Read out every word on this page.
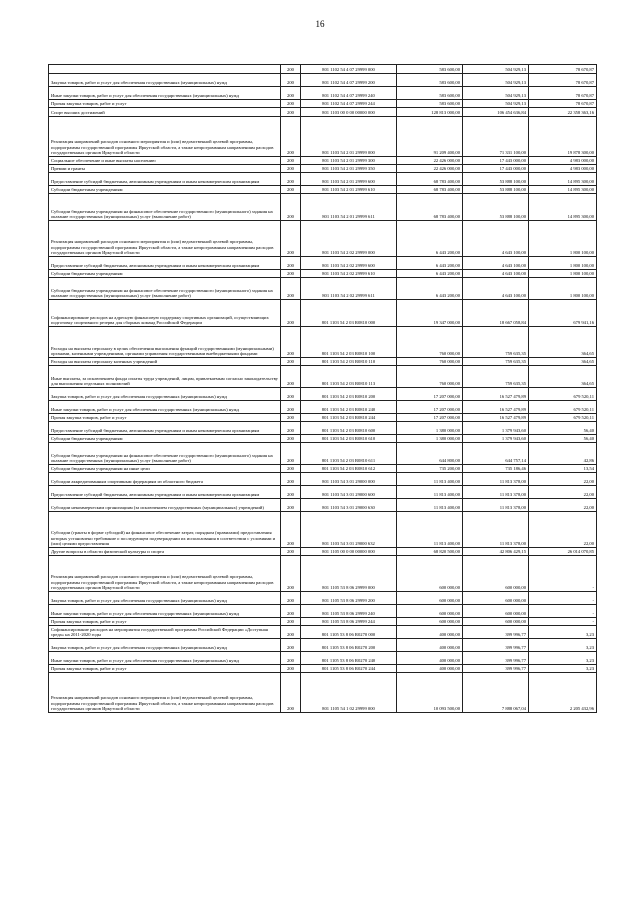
16
	200	801 1102 54 4 07 29999 000	583 600,00	504 929,13	78 670,87
Закупка товаров, работ и услуг для обеспечения государственных (муниципальных) нужд	200	801 1102 54 4 07 29999 200	583 600,00	504 929,13	78 670,87
Иные закупки товаров, работ и услуг для обеспечения государственных (муниципальных) нужд	200	801 1102 54 4 07 29999 240	583 600,00	504 929,13	78 670,87
Прочая закупка товаров, работ и услуг	200	801 1102 54 4 07 29999 244	583 600,00	504 929,13	78 670,87
Спорт высших достижений	200	801 1103 00 0 00 00000 000	128 813 000,00	106 454 636,84	22 358 363,16
Реализация направлений расходов основного мероприятия и (или) ведомственной целевой программы, подпрограммы государственной программы Иркутской области, а также непрограммным направлениям расходов государственных органов Иркутской области	200	801 1103 54 2 01 29999 000	91 209 400,00	71 331 100,00	19 878 300,00
Социальное обеспечение и иные выплаты населению	200	801 1103 54 2 01 29999 300	22 426 000,00	17 443 000,00	4 983 000,00
Премии и гранты	200	801 1103 54 2 01 29999 350	22 426 000,00	17 443 000,00	4 983 000,00
Предоставление субсидий бюджетным, автономным учреждениям и иным некоммерческим организациям	200	801 1103 54 2 01 29999 600	68 783 400,00	53 888 100,00	14 895 300,00
Субсидии бюджетным учреждениям	200	801 1103 54 2 01 29999 610	68 783 400,00	53 888 100,00	14 895 300,00
Субсидии бюджетным учреждениям на финансовое обеспечение государственного (муниципального) задания на оказание государственных (муниципальных) услуг (выполнение работ)	200	801 1103 54 2 01 29999 611	68 783 400,00	53 888 100,00	14 895 300,00
Реализация направлений расходов основного мероприятия и (или) ведомственной целевой программы, подпрограммы государственной программы Иркутской области, а также непрограммным направлениям расходов государственных органов Иркутской области	200	801 1103 54 2 02 29999 000	6 443 200,00	4 643 100,00	1 800 100,00
Предоставление субсидий бюджетным, автономным учреждениям и иным некоммерческим организациям	200	801 1103 54 2 02 29999 600	6 443 200,00	4 643 100,00	1 800 100,00
Субсидии бюджетным учреждениям	200	801 1103 54 2 02 29999 610	6 443 200,00	4 643 100,00	1 800 100,00
Субсидии бюджетным учреждениям на финансовое обеспечение государственного (муниципального) задания на оказание государственных (муниципальных) услуг (выполнение работ)	200	801 1103 54 2 02 29999 611	6 443 200,00	4 643 100,00	1 800 100,00
Софинансирование расходов на адресную финансовую поддержку спортивных организаций, осуществляющих подготовку спортивного резерва для сборных команд Российской Федерации	200	801 1103 54 2 03 R0810 000	19 347 000,00	18 667 058,84	679 941,16
Расходы на выплаты персоналу в целях обеспечения выполнения функций государственными (муниципальными) органами, казенными учреждениями, органами управления государственными внебюджетными фондами	200	801 1103 54 2 03 R0810 100	760 000,00	759 635,35	364,65
Расходы на выплаты персоналу казенных учреждений	200	801 1103 54 2 03 R0810 110	760 000,00	759 635,35	364,65
Иные выплаты, за исключением фонда оплаты труда учреждений, лицам, привлекаемым согласно законодательству для выполнения отдельных полномочий	200	801 1103 54 2 03 R0810 113	760 000,00	759 635,35	364,65
Закупка товаров, работ и услуг для обеспечения государственных (муниципальных) нужд	200	801 1103 54 2 03 R0810 200	17 207 000,00	16 527 479,89	679 520,11
Иные закупки товаров, работ и услуг для обеспечения государственных (муниципальных) нужд	200	801 1103 54 2 03 R0810 240	17 207 000,00	16 527 479,89	679 520,11
Прочая закупка товаров, работ и услуг	200	801 1103 54 2 03 R0810 244	17 207 000,00	16 527 479,89	679 520,11
Предоставление субсидий бюджетным, автономным учреждениям и иным некоммерческим организациям	200	801 1103 54 2 03 R0810 600	1 380 000,00	1 379 943,60	56,40
Субсидии бюджетным учреждениям	200	801 1103 54 2 03 R0810 610	1 380 000,00	1 379 943,60	56,40
Субсидии бюджетным учреждениям на финансовое обеспечение государственного (муниципального) задания на оказание государственных (муниципальных) услуг (выполнение работ)	200	801 1103 54 2 03 R0810 611	644 800,00	644 757,14	42,86
Субсидии бюджетным учреждениям на иные цели	200	801 1103 54 2 03 R0810 612	735 200,00	735 186,46	13,54
Субсидии аккредитованным спортивным федерациям из областного бюджета	200	801 1103 54 3 01 29000 000	11 813 400,00	11 813 378,00	22,00
Предоставление субсидий бюджетным, автономным учреждениям и иным некоммерческим организациям	200	801 1103 54 3 01 29000 600	11 813 400,00	11 813 378,00	22,00
Субсидии некоммерческим организациям (за исключением государственных (муниципальных) учреждений)	200	801 1103 54 3 01 29000 630	11 813 400,00	11 813 378,00	22,00
Субсидии (гранты в форме субсидий) на финансовое обеспечение затрат, порядком (правилами) предоставления которых установлено требование о последующем подтверждении их использования в соответствии с условиями и (или) целями предоставления	200	801 1103 54 3 01 29000 632	11 813 400,00	11 813 378,00	22,00
Другие вопросы в области физической культуры и спорта	200	801 1105 00 0 00 00000 000	68 820 500,00	42 806 429,15	26 014 070,85
Реализация направлений расходов основного мероприятия и (или) ведомственной целевой программы, подпрограммы государственной программы Иркутской области, а также непрограммным направлениям расходов государственных органов Иркутской области	200	801 1105 53 8 06 29999 000	600 000,00	600 000,00	-
Закупка товаров, работ и услуг для обеспечения государственных (муниципальных) нужд	200	801 1105 53 8 06 29999 200	600 000,00	600 000,00	-
Иные закупки товаров, работ и услуг для обеспечения государственных (муниципальных) нужд	200	801 1105 53 8 06 29999 240	600 000,00	600 000,00	-
Прочая закупка товаров, работ и услуг	200	801 1105 53 8 06 29999 244	600 000,00	600 000,00	-
Софинансирование расходов на мероприятия государственной программы Российской Федерации «Доступная среда» на 2011-2020 годы	200	801 1105 53 8 06 R0270 000	400 000,00	399 996,77	3,23
Закупка товаров, работ и услуг для обеспечения государственных (муниципальных) нужд	200	801 1105 53 8 06 R0270 200	400 000,00	399 996,77	3,23
Иные закупки товаров, работ и услуг для обеспечения государственных (муниципальных) нужд	200	801 1105 53 8 06 R0270 240	400 000,00	399 996,77	3,23
Прочая закупка товаров, работ и услуг	200	801 1105 53 8 06 R0270 244	400 000,00	399 996,77	3,23
Реализация направлений расходов основного мероприятия и (или) ведомственной целевой программы, подпрограммы государственной программы Иркутской области, а также непрограммным направлениям расходов государственных органов Иркутской области	200	801 1105 54 1 02 29999 000	10 093 500,00	7 888 067,04	2 205 432,96
